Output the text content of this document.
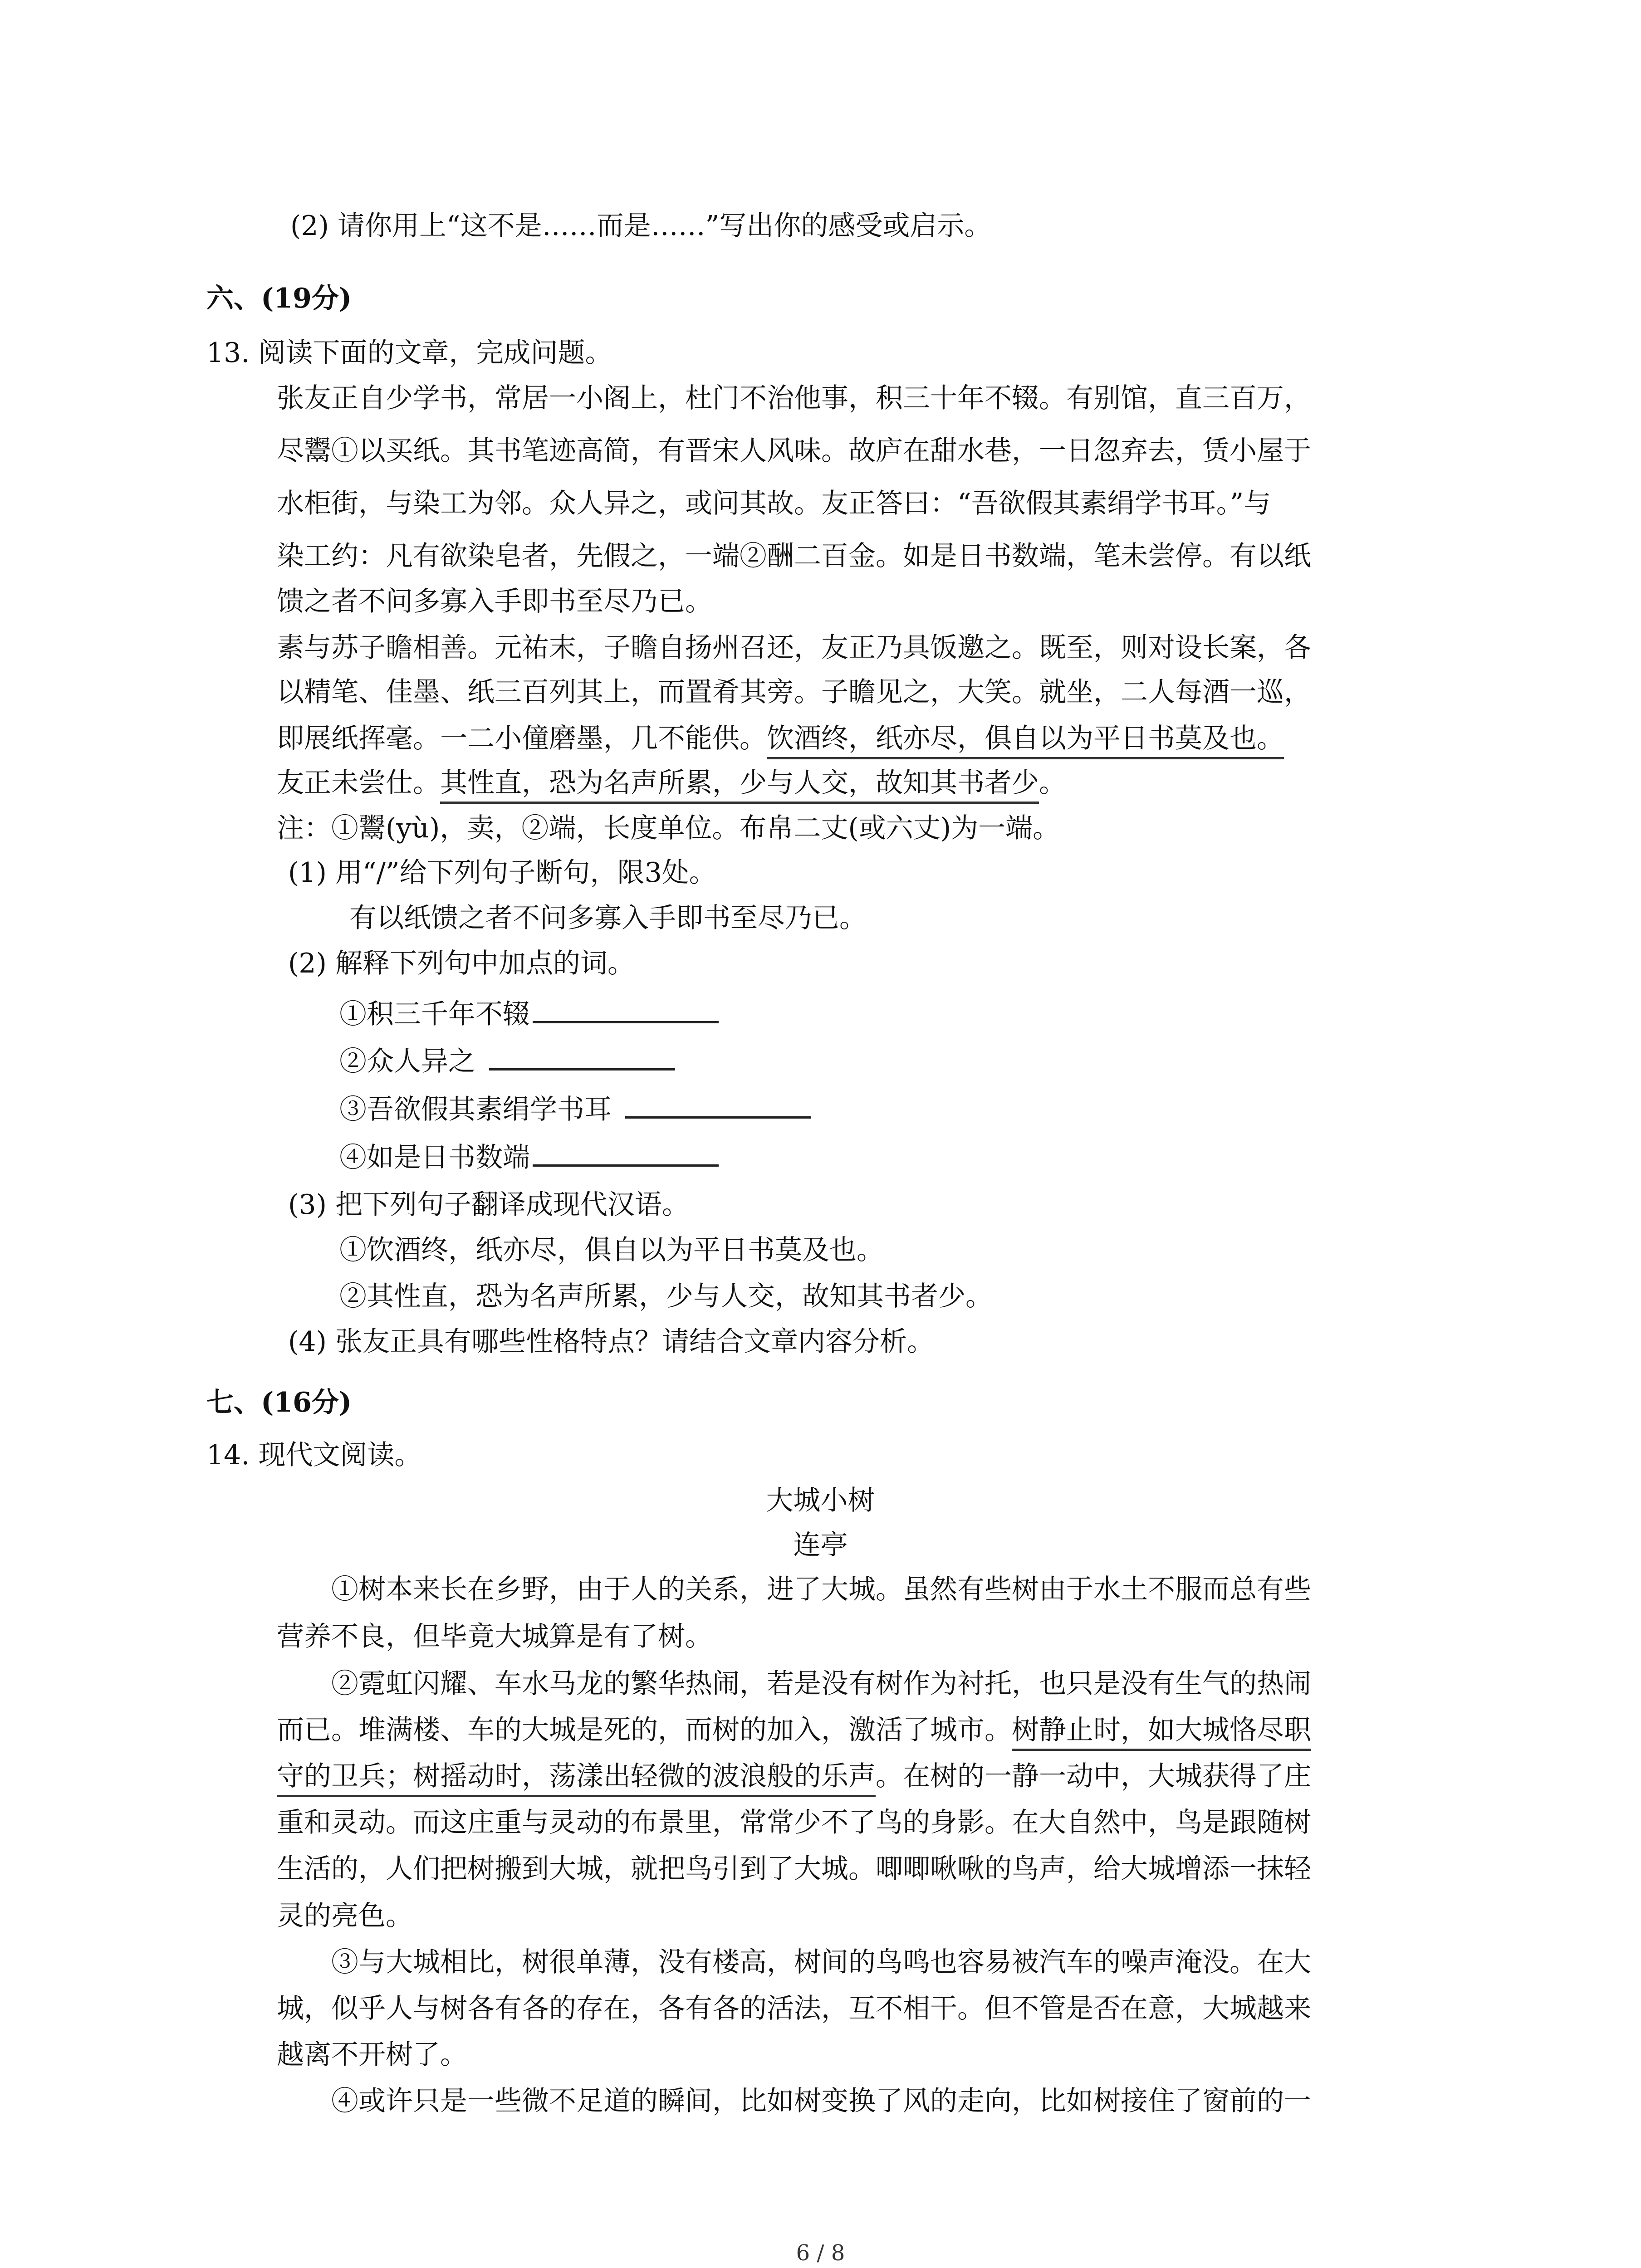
(2) 请你用上“这不是……而是……”写出你的感受或启示。
六、(19分)
13. 阅读下面的文章，完成问题。
张友正自少学书，常居一小阁上，杜门不治他事，积三十年不辍。有别馆，直三百万，
尽鬻①以买纸。其书笔迹高简，有晋宋人风味。故庐在甜水巷，一日忽弃去，赁小屋于
水柜街，与染工为邻。众人异之，或问其故。友正答曰：“吾欲假其素绢学书耳。”与
染工约：凡有欲染皂者，先假之，一端②酬二百金。如是日书数端，笔未尝停。有以纸
馈之者不问多寡入手即书至尽乃已。
素与苏子瞻相善。元祐末，子瞻自扬州召还，友正乃具饭邀之。既至，则对设长案，各
以精笔、佳墨、纸三百列其上，而置肴其旁。子瞻见之，大笑。就坐，二人每酒一巡，
即展纸挥毫。一二小僮磨墨，几不能供。饮酒终，纸亦尽，俱自以为平日书莫及也。
友正未尝仕。其性直，恐为名声所累，少与人交，故知其书者少。
注：①鬻(yù)，卖，②端，长度单位。布帛二丈(或六丈)为一端。
(1) 用“/”给下列句子断句，限3处。
有以纸馈之者不问多寡入手即书至尽乃已。
(2) 解释下列句中加点的词。
①积三千年不辍
②众人异之
③吾欲假其素绢学书耳
④如是日书数端
(3) 把下列句子翻译成现代汉语。
①饮酒终，纸亦尽，俱自以为平日书莫及也。
②其性直，恐为名声所累，少与人交，故知其书者少。
(4) 张友正具有哪些性格特点？请结合文章内容分析。
七、(16分)
14. 现代文阅读。
大城小树
连亭
①树本来长在乡野，由于人的关系，进了大城。虽然有些树由于水土不服而总有些
营养不良，但毕竟大城算是有了树。
②霓虹闪耀、车水马龙的繁华热闹，若是没有树作为衬托，也只是没有生气的热闹
而已。堆满楼、车的大城是死的，而树的加入，激活了城市。树静止时，如大城恪尽职
守的卫兵；树摇动时，荡漾出轻微的波浪般的乐声。在树的一静一动中，大城获得了庄
重和灵动。而这庄重与灵动的布景里，常常少不了鸟的身影。在大自然中，鸟是跟随树
生活的，人们把树搬到大城，就把鸟引到了大城。唧唧啾啾的鸟声，给大城增添一抹轻
灵的亮色。
③与大城相比，树很单薄，没有楼高，树间的鸟鸣也容易被汽车的噪声淹没。在大
城，似乎人与树各有各的存在，各有各的活法，互不相干。但不管是否在意，大城越来
越离不开树了。
④或许只是一些微不足道的瞬间，比如树变换了风的走向，比如树接住了窗前的一
6 / 8
